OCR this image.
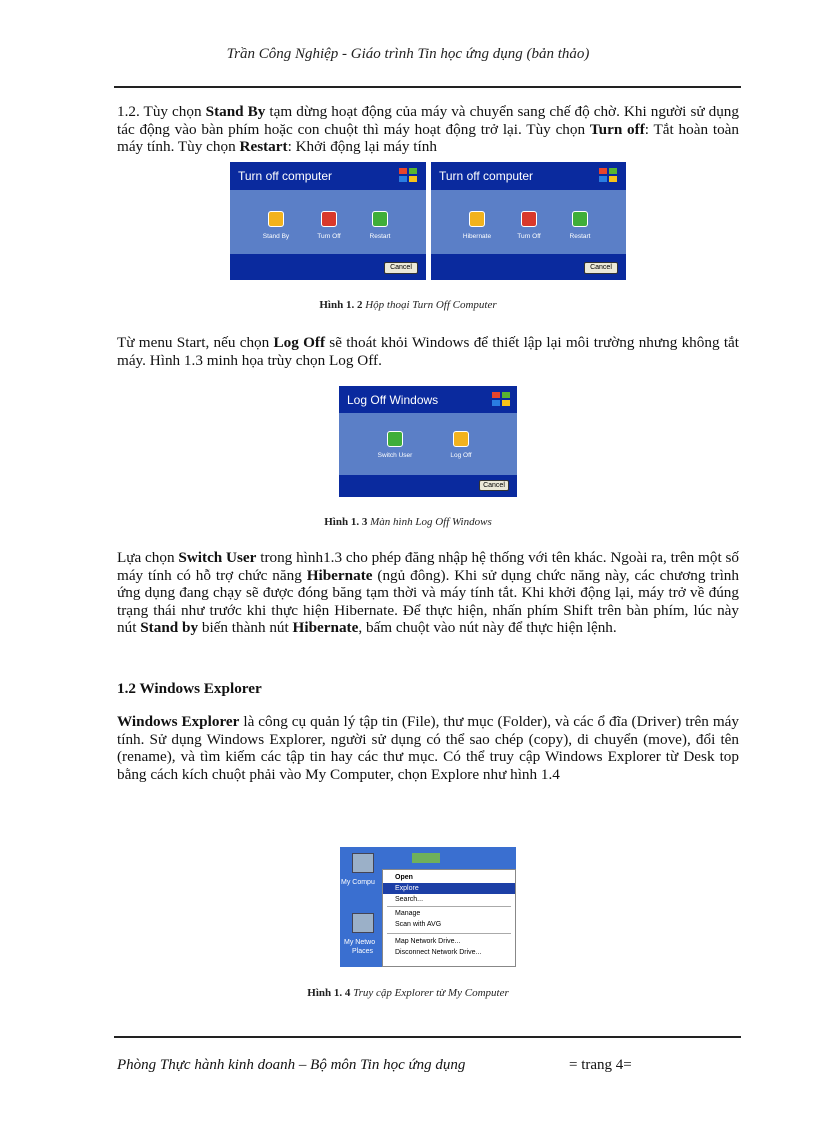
Trần Công Nghiệp - Giáo trình Tin học ứng dụng (bản thảo)

1.2. Tùy chọn Stand By tạm dừng hoạt động của máy và chuyển sang chế độ chờ. Khi người sử dụng tác động vào bàn phím hoặc con chuột thì máy hoạt động trở lại. Tùy chọn Turn off: Tắt hoàn toàn máy tính. Tùy chọn Restart: Khởi động lại máy tính

Turn off computer
Stand By	Turn Off	Restart
Cancel
Turn off computer
Hibernate	Turn Off	Restart
Cancel
Hình 1. 2 Hộp thoại Turn Off Computer

Từ menu Start, nếu chọn Log Off sẽ thoát khỏi Windows để thiết lập lại môi trường nhưng không tắt máy. Hình 1.3 minh họa trùy chọn Log Off.

Log Off Windows
Switch User	Log Off
Cancel
Hình 1. 3 Màn hình Log Off Windows

Lựa chọn Switch User trong hình1.3 cho phép đăng nhập hệ thống với tên khác. Ngoài ra, trên một số máy tính có hỗ trợ chức năng Hibernate (ngủ đông). Khi sử dụng chức năng này, các chương trình ứng dụng đang chạy sẽ được đóng băng tạm thời và máy tính tắt. Khi khởi động lại, máy trở về đúng trạng thái như trước khi thực hiện Hibernate. Để thực hiện, nhấn phím Shift trên bàn phím, lúc này nút Stand by biến thành nút Hibernate, bấm chuột vào nút này để thực hiện lệnh.

1.2 Windows Explorer

Windows Explorer là công cụ quản lý tập tin (File), thư mục (Folder), và các ổ đĩa (Driver) trên máy tính. Sử dụng Windows Explorer, người sử dụng có thể sao chép (copy), di chuyển (move), đổi tên (rename), và tìm kiếm các tập tin hay các thư mục. Có thể truy cập Windows Explorer từ Desk top bằng cách kích chuột phải vào My Computer, chọn Explore như hình 1.4

My Compu
My Netwo
Places
Open
Explore
Search...
Manage
Scan with AVG
Map Network Drive...
Disconnect Network Drive...
Hình 1. 4 Truy cập Explorer từ My Computer
Phòng Thực hành kinh doanh – Bộ môn Tin học ứng dụng	= trang 4=
